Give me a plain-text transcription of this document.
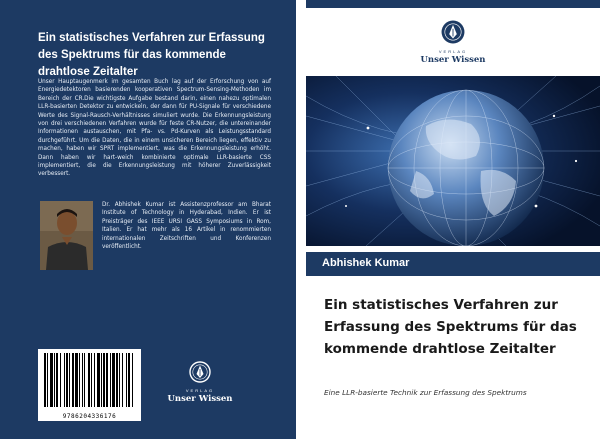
Ein statistisches Verfahren zur Erfassung des Spektrums für das kommende drahtlose Zeitalter
Unser Hauptaugenmerk im gesamten Buch lag auf der Erforschung von auf Energiedetektoren basierenden kooperativen Spectrum-Sensing-Methoden im Bereich der CR.Die wichtigste Aufgabe bestand darin, einen nahezu optimalen LLR-basierten Detektor zu entwickeln, der dann für PU-Signale für verschiedene Werte des Signal-Rausch-Verhältnisses simuliert wurde. Die Erkennungsleistung von drei verschiedenen Verfahren wurde für feste CR-Nutzer, die untereinander Informationen austauschen, mit Pfa- vs. Pd-Kurven als Leistungsstandard durchgeführt. Um die Daten, die in einem unsicheren Bereich liegen, effektiv zu machen, haben wir SPRT implementiert, was die Erkennungsleistung erhöht. Dann haben wir hart-weich kombinierte optimale LLR-basierte CSS implementiert, die die Erkennungsleistung mit höherer Zuverlässigkeit verbessert.
Dr. Abhishek Kumar ist Assistenzprofessor am Bharat Institute of Technology in Hyderabad, Indien. Er ist Preisträger des IEEE URSI GASS Symposiums in Rom, Italien. Er hat mehr als 16 Artikel in renommierten internationalen Zeitschriften und Konferenzen veröffentlicht.
9786204336176
VERLAG
Unser Wissen
VERLAG
Unser Wissen
Abhishek Kumar
Ein statistisches Verfahren zur Erfassung des Spektrums für das kommende drahtlose Zeitalter
Eine LLR-basierte Technik zur Erfassung des Spektrums
